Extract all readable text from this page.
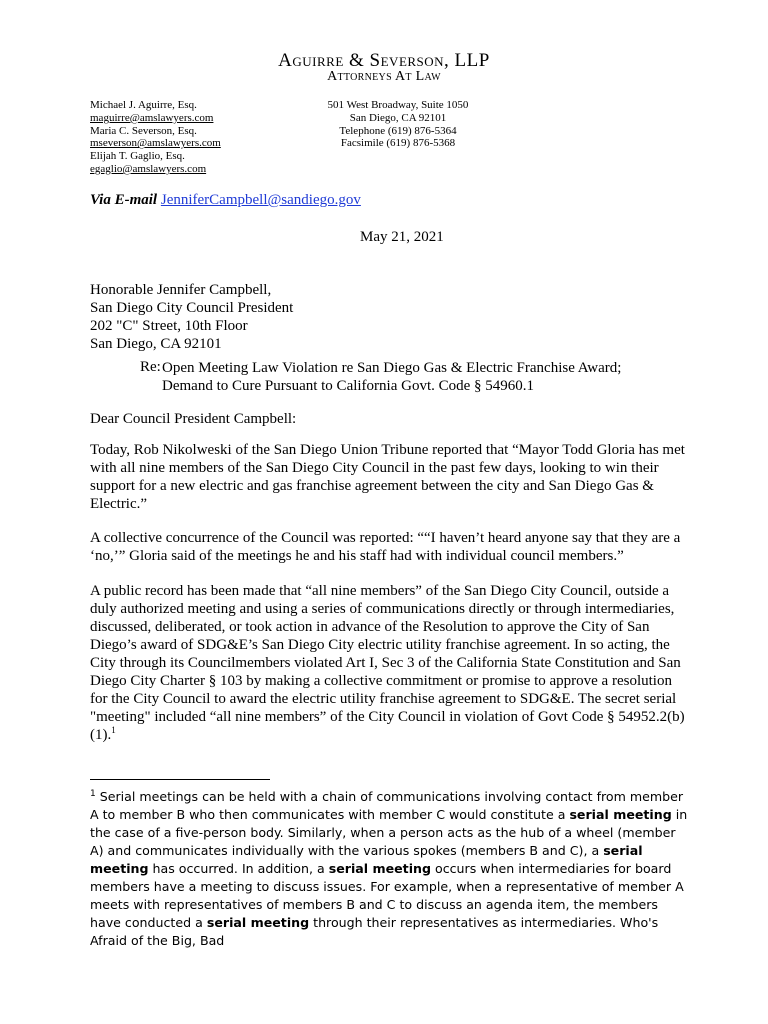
Aguirre & Severson, LLP
Attorneys At Law
Michael J. Aguirre, Esq.
maguirre@amslawyers.com
Maria C. Severson, Esq.
mseverson@amslawyers.com
Elijah T. Gaglio, Esq.
egaglio@amslawyers.com
501 West Broadway, Suite 1050
San Diego, CA 92101
Telephone (619) 876-5364
Facsimile (619) 876-5368
Via E-mail JenniferCampbell@sandiego.gov
May 21, 2021
Honorable Jennifer Campbell,
San Diego City Council President
202 "C" Street, 10th Floor
San Diego, CA 92101
Re: Open Meeting Law Violation re San Diego Gas & Electric Franchise Award;
Demand to Cure Pursuant to California Govt. Code § 54960.1
Dear Council President Campbell:
Today, Rob Nikolweski of the San Diego Union Tribune reported that “Mayor Todd Gloria has met with all nine members of the San Diego City Council in the past few days, looking to win their support for a new electric and gas franchise agreement between the city and San Diego Gas & Electric.”
A collective concurrence of the Council was reported: ““I haven’t heard anyone say that they are a ‘no,’” Gloria said of the meetings he and his staff had with individual council members.”
A public record has been made that “all nine members” of the San Diego City Council, outside a duly authorized meeting and using a series of communications directly or through intermediaries, discussed, deliberated, or took action in advance of the Resolution to approve the City of San Diego’s award of SDG&E’s San Diego City electric utility franchise agreement. In so acting, the City through its Councilmembers violated Art I, Sec 3 of the California State Constitution and San Diego City Charter § 103 by making a collective commitment or promise to approve a resolution for the City Council to award the electric utility franchise agreement to SDG&E. The secret serial "meeting" included “all nine members” of the City Council in violation of Govt Code § 54952.2(b)(1).$^1$
$^1$ Serial meetings can be held with a chain of communications involving contact from member A to member B who then communicates with member C would constitute a serial meeting in the case of a five-person body. Similarly, when a person acts as the hub of a wheel (member A) and communicates individually with the various spokes (members B and C), a serial meeting has occurred. In addition, a serial meeting occurs when intermediaries for board members have a meeting to discuss issues. For example, when a representative of member A meets with representatives of members B and C to discuss an agenda item, the members have conducted a serial meeting through their representatives as intermediaries. Who's Afraid of the Big, Bad
